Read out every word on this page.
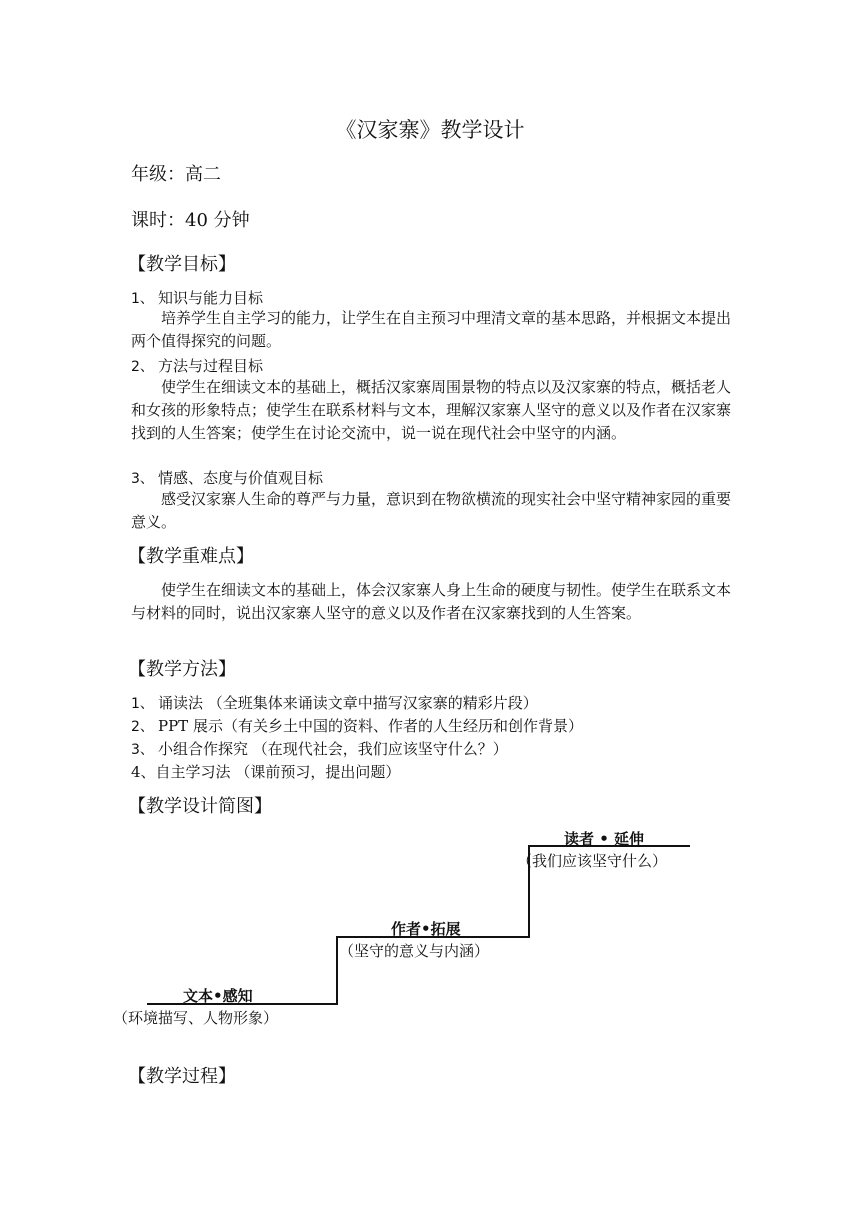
《汉家寨》教学设计
年级：高二
课时：40 分钟
【教学目标】
1、 知识与能力目标
培养学生自主学习的能力，让学生在自主预习中理清文章的基本思路，并根据文本提出两个值得探究的问题。
2、 方法与过程目标
使学生在细读文本的基础上，概括汉家寨周围景物的特点以及汉家寨的特点，概括老人和女孩的形象特点；使学生在联系材料与文本，理解汉家寨人坚守的意义以及作者在汉家寨找到的人生答案；使学生在讨论交流中，说一说在现代社会中坚守的内涵。
3、 情感、态度与价值观目标
感受汉家寨人生命的尊严与力量，意识到在物欲横流的现实社会中坚守精神家园的重要意义。
【教学重难点】
使学生在细读文本的基础上，体会汉家寨人身上生命的硬度与韧性。使学生在联系文本与材料的同时，说出汉家寨人坚守的意义以及作者在汉家寨找到的人生答案。
【教学方法】
1、 诵读法 （全班集体来诵读文章中描写汉家寨的精彩片段）
2、 PPT 展示（有关乡土中国的资料、作者的人生经历和创作背景）
3、 小组合作探究 （在现代社会，我们应该坚守什么？）
4、自主学习法 （课前预习，提出问题）
【教学设计简图】
文本•感知
（环境描写、人物形象）
作者•拓展
（坚守的意义与内涵）
读者 • 延伸
（我们应该坚守什么）
【教学过程】
